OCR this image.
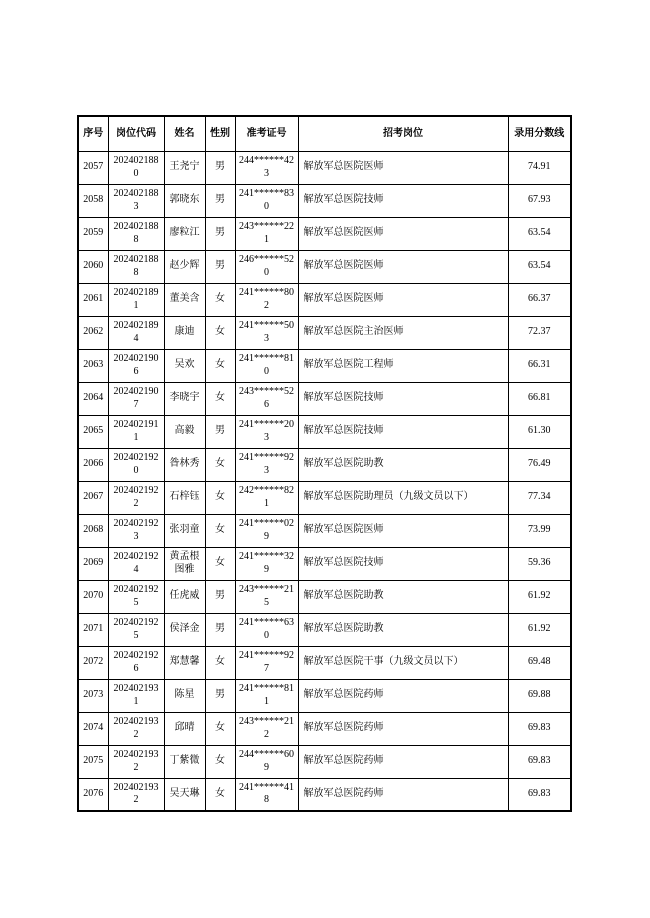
序号	岗位代码	姓名	性别	准考证号	招考岗位	录用分数线
2057	2024021880	王尧宁	男	244******423	解放军总医院医师	74.91
2058	2024021883	郭晓东	男	241******830	解放军总医院技师	67.93
2059	2024021888	廖粒江	男	243******221	解放军总医院医师	63.54
2060	2024021888	赵少辉	男	246******520	解放军总医院医师	63.54
2061	2024021891	董美含	女	241******802	解放军总医院医师	66.37
2062	2024021894	康迪	女	241******503	解放军总医院主治医师	72.37
2063	2024021906	吴欢	女	241******810	解放军总医院工程师	66.31
2064	2024021907	李晓宇	女	243******526	解放军总医院技师	66.81
2065	2024021911	高毅	男	241******203	解放军总医院技师	61.30
2066	2024021920	昝林秀	女	241******923	解放军总医院助教	76.49
2067	2024021922	石梓钰	女	242******821	解放军总医院助理员（九级文员以下）	77.34
2068	2024021923	张羽童	女	241******029	解放军总医院医师	73.99
2069	2024021924	黄孟根图雅	女	241******329	解放军总医院技师	59.36
2070	2024021925	任虎威	男	243******215	解放军总医院助教	61.92
2071	2024021925	侯泽金	男	241******630	解放军总医院助教	61.92
2072	2024021926	郑慧馨	女	241******927	解放军总医院干事（九级文员以下）	69.48
2073	2024021931	陈星	男	241******811	解放军总医院药师	69.88
2074	2024021932	邱晴	女	243******212	解放军总医院药师	69.83
2075	2024021932	丁紫微	女	244******609	解放军总医院药师	69.83
2076	2024021932	吴天琳	女	241******418	解放军总医院药师	69.83
